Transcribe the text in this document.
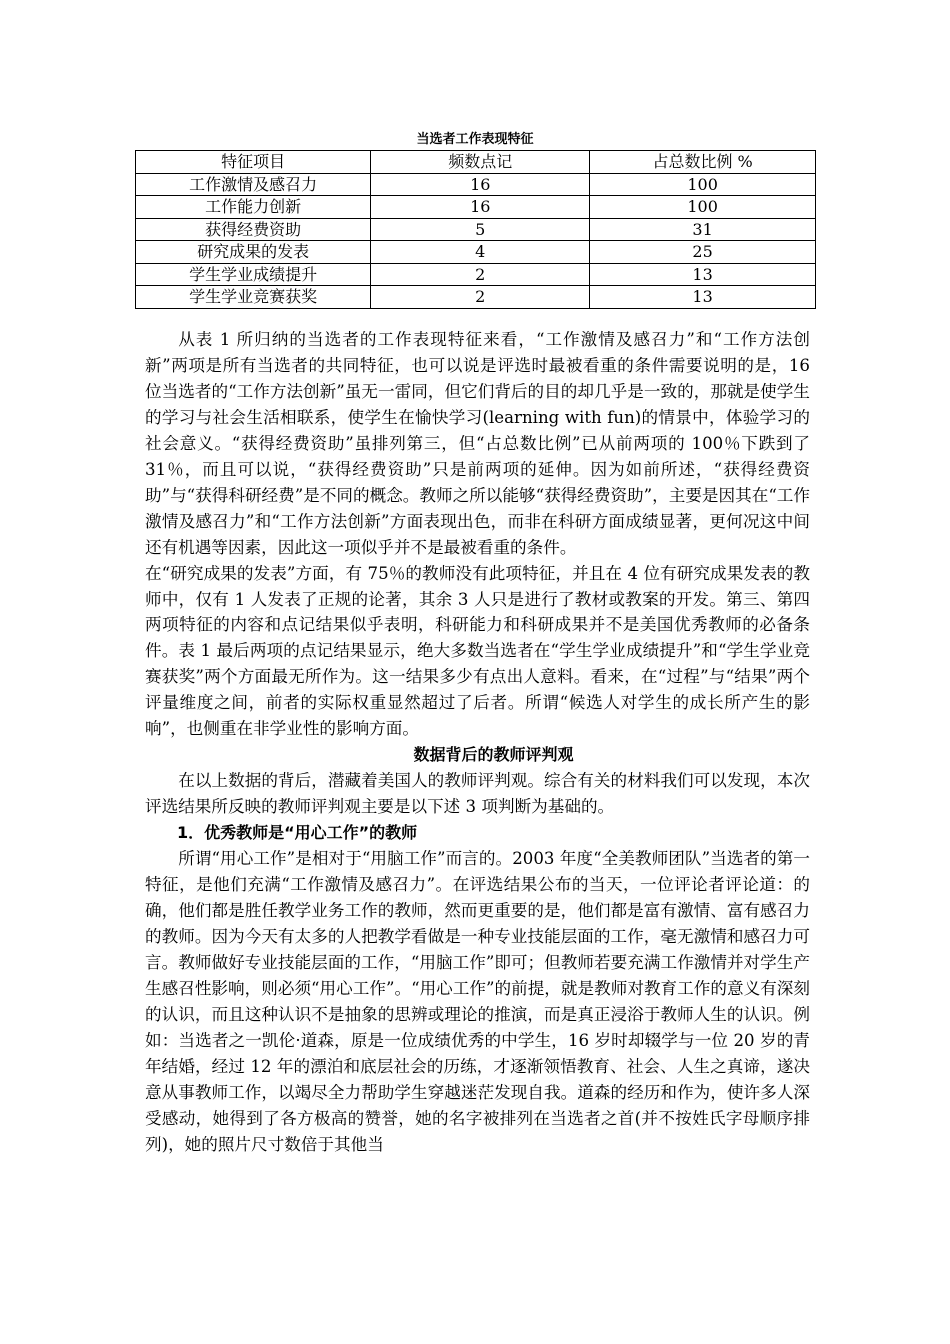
当选者工作表现特征
特征项目	频数点记	占总数比例 %
工作激情及感召力	16	100
工作能力创新	16	100
获得经费资助	5	31
研究成果的发表	4	25
学生学业成绩提升	2	13
学生学业竞赛获奖	2	13

从表 1 所归纳的当选者的工作表现特征来看，“工作激情及感召力”和“工作方法创新”两项是所有当选者的共同特征，也可以说是评选时最被看重的条件需要说明的是，16 位当选者的“工作方法创新”虽无一雷同，但它们背后的目的却几乎是一致的，那就是使学生的学习与社会生活相联系，使学生在愉快学习(learning with fun)的情景中，体验学习的社会意义。“获得经费资助”虽排列第三，但“占总数比例”已从前两项的 100％下跌到了 31％，而且可以说，“获得经费资助”只是前两项的延伸。因为如前所述，“获得经费资助”与“获得科研经费”是不同的概念。教师之所以能够“获得经费资助”，主要是因其在“工作激情及感召力”和“工作方法创新”方面表现出色，而非在科研方面成绩显著，更何况这中间还有机遇等因素，因此这一项似乎并不是最被看重的条件。

在“研究成果的发表”方面，有 75％的教师没有此项特征，并且在 4 位有研究成果发表的教师中，仅有 1 人发表了正规的论著，其余 3 人只是进行了教材或教案的开发。第三、第四两项特征的内容和点记结果似乎表明，科研能力和科研成果并不是美国优秀教师的必备条件。表 1 最后两项的点记结果显示，绝大多数当选者在“学生学业成绩提升”和“学生学业竞赛获奖”两个方面最无所作为。这一结果多少有点出人意料。看来，在“过程”与“结果”两个评量维度之间，前者的实际权重显然超过了后者。所谓“候选人对学生的成长所产生的影响”，也侧重在非学业性的影响方面。

数据背后的教师评判观

在以上数据的背后，潜藏着美国人的教师评判观。综合有关的材料我们可以发现，本次评选结果所反映的教师评判观主要是以下述 3 项判断为基础的。

1．优秀教师是“用心工作”的教师

所谓“用心工作”是相对于“用脑工作”而言的。2003 年度“全美教师团队”当选者的第一特征，是他们充满“工作激情及感召力”。在评选结果公布的当天，一位评论者评论道：的确，他们都是胜任教学业务工作的教师，然而更重要的是，他们都是富有激情、富有感召力的教师。因为今天有太多的人把教学看做是一种专业技能层面的工作，毫无激情和感召力可言。教师做好专业技能层面的工作，“用脑工作”即可；但教师若要充满工作激情并对学生产生感召性影响，则必须“用心工作”。“用心工作”的前提，就是教师对教育工作的意义有深刻的认识，而且这种认识不是抽象的思辨或理论的推演，而是真正浸浴于教师人生的认识。例如：当选者之一凯伦·道森，原是一位成绩优秀的中学生，16 岁时却辍学与一位 20 岁的青年结婚，经过 12 年的漂泊和底层社会的历练，才逐渐领悟教育、社会、人生之真谛，遂决意从事教师工作，以竭尽全力帮助学生穿越迷茫发现自我。道森的经历和作为，使许多人深受感动，她得到了各方极高的赞誉，她的名字被排列在当选者之首(并不按姓氏字母顺序排列)，她的照片尺寸数倍于其他当
